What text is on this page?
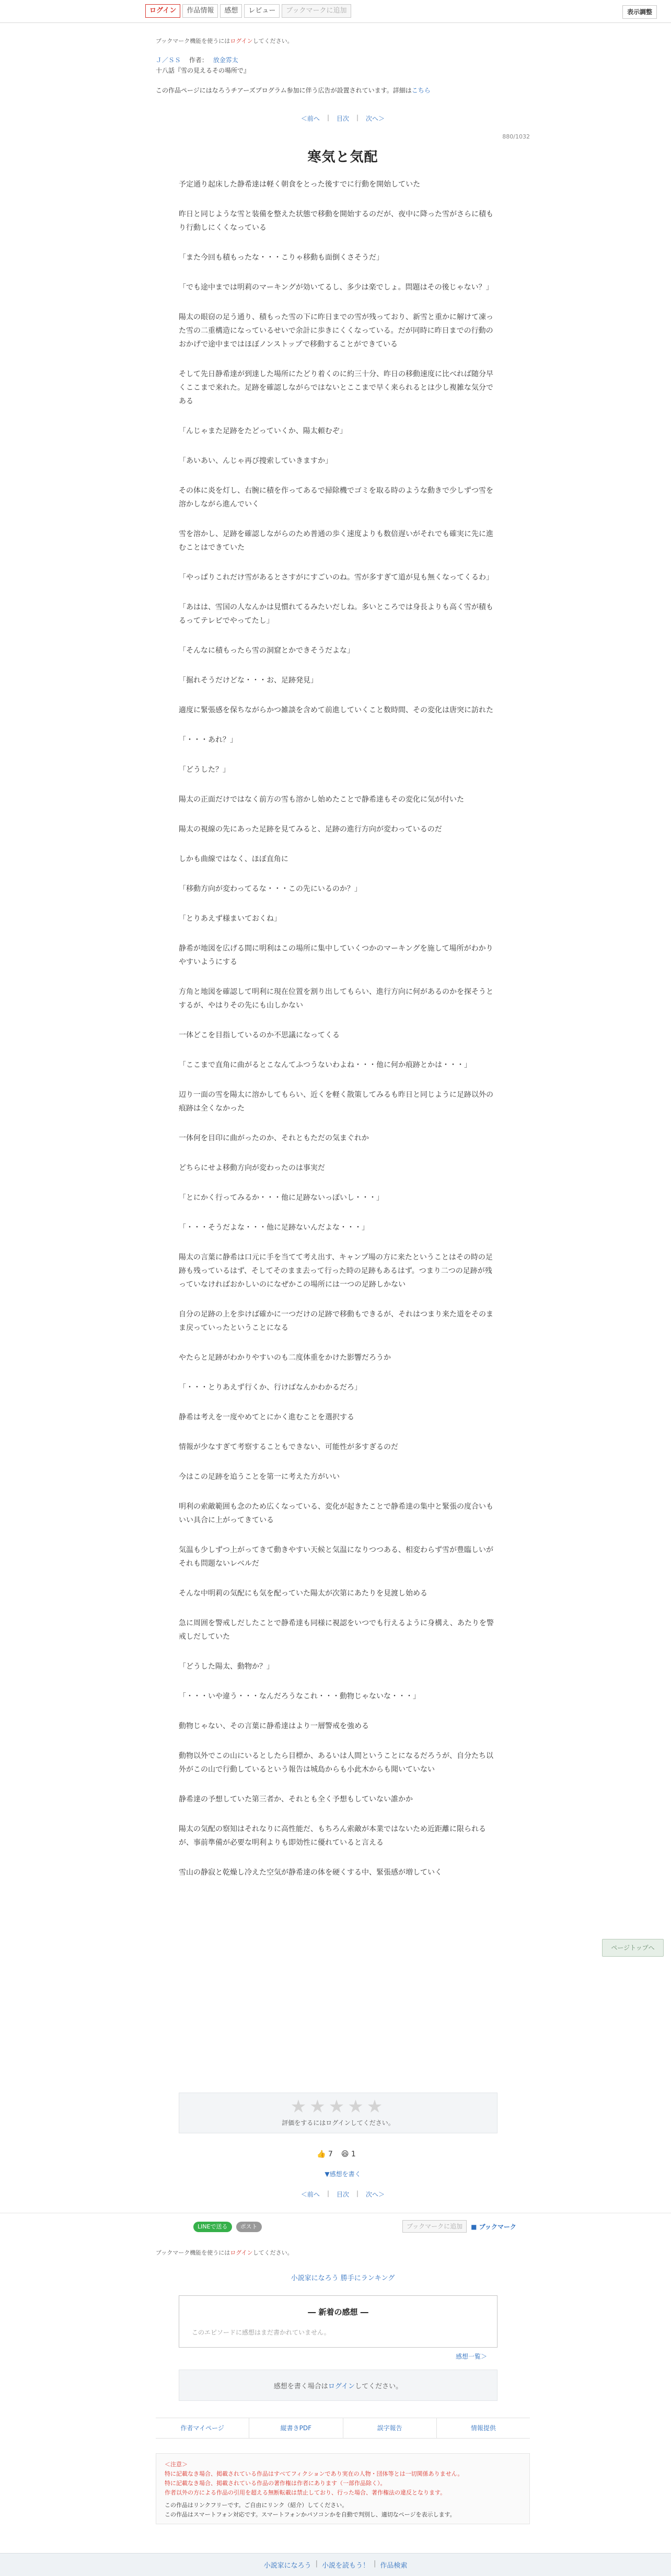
ログイン	作品情報	感想	レビュー	ブックマークに追加	表示調整
ブックマーク機能を使うにはログインしてください。
Ｊ／ＳＳ 作者： 放金雰太
十八話『雪の見えるその場所で』
この作品ページにはなろうチアーズプログラム参加に伴う広告が設置されています。詳細はこちら
＜前へ | 目次 | 次へ＞
880/1032
寒気と気配

予定通り起床した静希達は軽く朝食をとった後すでに行動を開始していた

昨日と同じような雪と装備を整えた状態で移動を開始するのだが、夜中に降った雪がさらに積もり行動しにくくなっている

「また今回も積もったな・・・こりゃ移動も面倒くさそうだ」

「でも途中までは明莉のマーキングが効いてるし、多少は楽でしょ。問題はその後じゃない？」

陽太の眼窃の足う通り、積もった雪の下に昨日までの雪が残っており、新雪と重かに解けて凍った雪の二重構造になっているせいで余計に歩きにくくなっている。だが同時に昨日までの行動のおかげで途中まではほぼノンストップで移動することができている

そして先日静希達が到達した場所にたどり着くのに約三十分、昨日の移動速度に比べれば随分早くここまで来れた。足跡を確認しながらではないとここまで早く来られるとは少し複雑な気分である

「んじゃまた足跡をたどっていくか、陽太頼むぞ」

「あいあい、んじゃ再び捜索していきますか」

その体に炎を灯し、右腕に積を作ってあるで掃除機でゴミを取る時のような動きで少しずつ雪を溶かしながら進んでいく

雪を溶かし、足跡を確認しながらのため普通の歩く速度よりも数倍遅いがそれでも確実に先に進むことはできていた

「やっぱりこれだけ雪があるとさすがにすごいのね。雪が多すぎて道が見も無くなってくるわ」

「あはは、雪国の人なんかは見慣れてるみたいだしね。多いところでは身長よりも高く雪が積もるってテレビでやってたし」

「そんなに積もったら雪の洞窟とかできそうだよな」

「掘れそうだけどな・・・お、足跡発見」

適度に緊張感を保ちながらかつ雑談を含めて前進していくこと数時間、その変化は唐突に訪れた

「・・・あれ？」

「どうした？」

陽太の正面だけではなく前方の雪も溶かし始めたことで静希達もその変化に気が付いた

陽太の視線の先にあった足跡を見てみると、足跡の進行方向が変わっているのだ

しかも曲線ではなく、ほぼ直角に

「移動方向が変わってるな・・・この先にいるのか？」

「とりあえず様まいておくね」

静希が地図を広げる間に明利はこの場所に集中していくつかのマーキングを施して場所がわかりやすいようにする

方角と地図を確認して明利に現在位置を割り出してもらい、進行方向に何があるのかを探そうとするが、やはりその先にも山しかない

一体どこを目指しているのか不思議になってくる

「ここまで直角に曲がるとこなんてふつうないわよね・・・他に何か痕跡とかは・・・」

辺り一面の雪を陽太に溶かしてもらい、近くを軽く散策してみるも昨日と同じように足跡以外の痕跡は全くなかった

一体何を目印に曲がったのか、それともただの気まぐれか

どちらにせよ移動方向が変わったのは事実だ

「とにかく行ってみるか・・・他に足跡ないっぽいし・・・」

「・・・そうだよな・・・他に足跡ないんだよな・・・」

陽太の言葉に静希は口元に手を当てて考え出す、キャンプ場の方に来たということはその時の足跡も残っているはず、そしてそのまま去って行った時の足跡もあるはず。つまり二つの足跡が残っていなければおかしいのになぜかこの場所には一つの足跡しかない

自分の足跡の上を歩けば確かに一つだけの足跡で移動もできるが、それはつまり来た道をそのまま戻っていったということになる

やたらと足跡がわかりやすいのも二度体重をかけた影響だろうか

「・・・とりあえず行くか、行けばなんかわかるだろ」

静希は考えを一度やめてとにかく進むことを選択する

情報が少なすぎて考察することもできない、可能性が多すぎるのだ

今はこの足跡を追うことを第一に考えた方がいい

明利の索敵範囲も念のため広くなっている、変化が起きたことで静希達の集中と緊張の度合いもいい具合に上がってきている

気温も少しずつ上がってきて動きやすい天候と気温になりつつある、相変わらず雪が豊臨しいがそれも問題ないレベルだ

そんな中明莉の気配にも気を配っていた陽太が次第にあたりを見渡し始める

急に周囲を警戒しだしたことで静希達も同様に視認をいつでも行えるように身構え、あたりを警戒しだしていた

「どうした陽太、動物か？」

「・・・いや違う・・・なんだろうなこれ・・・動物じゃないな・・・」

動物じゃない、その言葉に静希達はより一層警戒を強める

動物以外でこの山にいるとしたら目標か、あるいは人間ということになるだろうが、自分たち以外がこの山で行動しているという報告は城島からも小此木からも聞いていない

静希達の予想していた第三者か、それとも全く予想もしていない誰かか

陽太の気配の察知はそれなりに高性能だ、もちろん索敵が本業ではないため近距離に限られるが、事前準備が必要な明利よりも即効性に優れていると言える

雪山の静寂と乾燥し冷えた空気が静希達の体を硬くする中、緊張感が増していく

ページトップへ
★★★★★
評価をするにはログインしてください。
👍 7 😆 1
▼感想を書く
＜前へ | 目次 | 次へ＞
LINEで送る	ポスト	ブックマークに追加	■ ブックマーク
ブックマーク機能を使うにはログインしてください。
小説家になろう 勝手にランキング
― 新着の感想 ―
このエピソードに感想はまだ書かれていません。
感想一覧＞
感想を書く場合はログインしてください。
作者マイページ	縦書きPDF	誤字報告	情報提供
＜注意＞
特に記載なき場合、掲載されている作品はすべてフィクションであり実在の人物・団体等とは一切関係ありません。
特に記載なき場合、掲載されている作品の著作権は作者にあります（一部作品除く）。
作者以外の方による作品の引用を超える無断転載は禁止しており、行った場合、著作権法の違反となります。
この作品はリンクフリーです。ご自由にリンク（紹介）してください。
この作品はスマートフォン対応です。スマートフォンかパソコンかを自動で判別し、適切なページを表示します。
小説家になろう | 小説を読もう！ | 作品検索
